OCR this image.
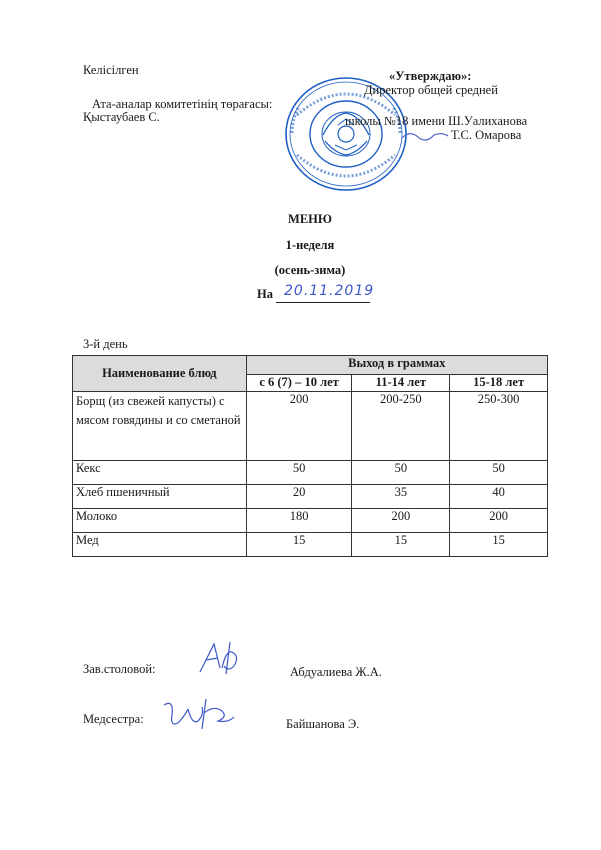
Келісілген
Ата-аналар комитетінің төрағасы:
Қыстаубаев С.
«Утверждаю»:
Директор общей средней
школы №18 имени Ш.Уалиханова
Т.С. Омарова
МЕНЮ
1-неделя
(осень-зима)
На 20.11.2019
3-й день
Наименование блюд	Выход в граммах		
	с 6 (7) – 10 лет	11-14 лет	15-18 лет
Борщ (из свежей капусты) с мясом говядины и со сметаной	200	200-250	250-300
Кекс	50	50	50
Хлеб пшеничный	20	35	40
Молоко	180	200	200
Мед	15	15	15
Зав.столовой:	Абдуалиева Ж.А.
Медсестра:	Байшанова Э.
